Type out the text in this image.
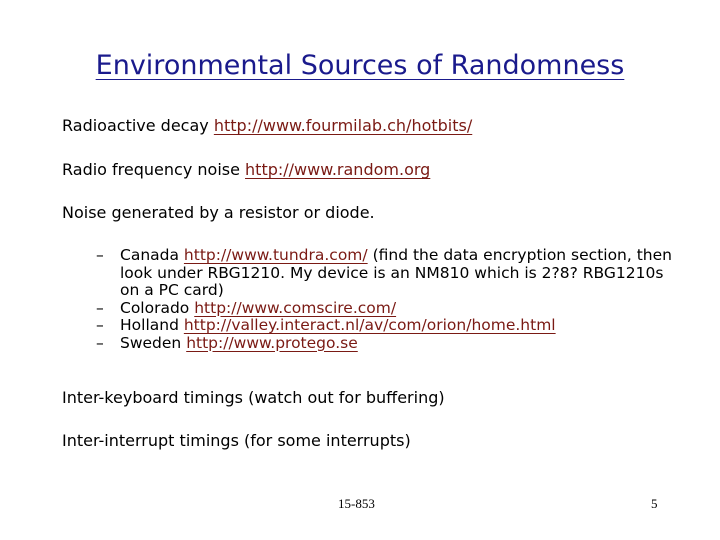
Environmental Sources of Randomness
Radioactive decay http://www.fourmilab.ch/hotbits/
Radio frequency noise http://www.random.org
Noise generated by a resistor or diode.
– Canada http://www.tundra.com/ (find the data encryption section, then look under RBG1210. My device is an NM810 which is 2?8? RBG1210s on a PC card)
– Colorado http://www.comscire.com/
– Holland http://valley.interact.nl/av/com/orion/home.html
– Sweden http://www.protego.se
Inter-keyboard timings (watch out for buffering)
Inter-interrupt timings (for some interrupts)
15-853	5
